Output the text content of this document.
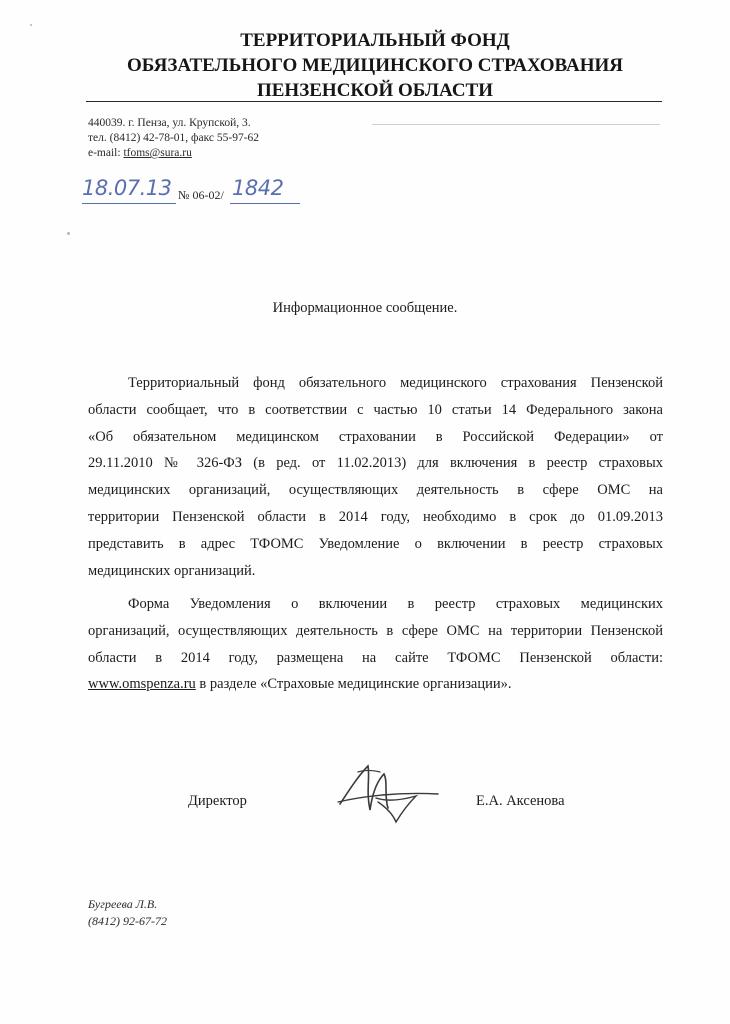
ТЕРРИТОРИАЛЬНЫЙ ФОНД
ОБЯЗАТЕЛЬНОГО МЕДИЦИНСКОГО СТРАХОВАНИЯ
ПЕНЗЕНСКОЙ ОБЛАСТИ
440039. г. Пенза, ул. Крупской, 3.
тел. (8412) 42-78-01, факс 55-97-62
e-mail: tfoms@sura.ru
18.07.13 № 06-02/ 1842
Информационное сообщение.
Территориальный фонд обязательного медицинского страхования Пензенской
области сообщает, что в соответствии с частью 10 статьи 14 Федерального закона
«Об обязательном медицинском страховании в Российской Федерации» от
29.11.2010 № 326-ФЗ (в ред. от 11.02.2013) для включения в реестр страховых
медицинских организаций, осуществляющих деятельность в сфере ОМС на
территории Пензенской области в 2014 году, необходимо в срок до 01.09.2013
представить в адрес ТФОМС Уведомление о включении в реестр страховых
медицинских организаций.
Форма Уведомления о включении в реестр страховых медицинских
организаций, осуществляющих деятельность в сфере ОМС на территории Пензенской
области в 2014 году, размещена на сайте ТФОМС Пензенской области:
www.omspenza.ru в разделе «Страховые медицинские организации».
Директор	Е.А. Аксенова
Бугреева Л.В.
(8412) 92-67-72
